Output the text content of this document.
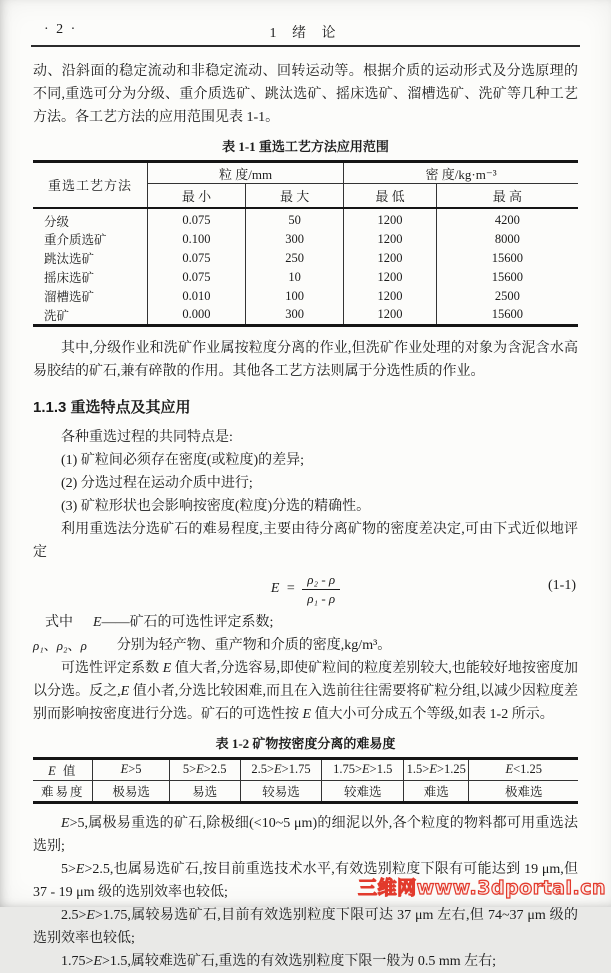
· 2 ·	1 绪 论

动、沿斜面的稳定流动和非稳定流动、回转运动等。根据介质的运动形式及分选原理的不同,重选可分为分级、重介质选矿、跳汰选矿、摇床选矿、溜槽选矿、洗矿等几种工艺方法。各工艺方法的应用范围见表 1-1。

表 1-1 重选工艺方法应用范围
重选工艺方法	粒 度/mm		密 度/kg·m⁻³	
	最 小	最 大	最 低	最 高
分级	0.075	50	1200	4200
重介质选矿	0.100	300	1200	8000
跳汰选矿	0.075	250	1200	15600
摇床选矿	0.075	10	1200	15600
溜槽选矿	0.010	100	1200	2500
洗矿	0.000	300	1200	15600

其中,分级作业和洗矿作业属按粒度分离的作业,但洗矿作业处理的对象为含泥含水高易胶结的矿石,兼有碎散的作用。其他各工艺方法则属于分选性质的作业。

1.1.3 重选特点及其应用

各种重选过程的共同特点是:

(1) 矿粒间必须存在密度(或粒度)的差异;

(2) 分选过程在运动介质中进行;

(3) 矿粒形状也会影响按密度(粒度)分选的精确性。

利用重选法分选矿石的难易程度,主要由待分离矿物的密度差决定,可由下式近似地评定

$E = \frac{\text{ρ₂ - ρ}}{\text{ρ₁ - ρ}}$	(1-1)

式中 E——矿石的可选性评定系数;

ρ₁、ρ₂、ρ 分别为轻产物、重产物和介质的密度,kg/m³。

可选性评定系数 E 值大者,分选容易,即使矿粒间的粒度差别较大,也能较好地按密度加以分选。反之,E 值小者,分选比较困难,而且在入选前往往需要将矿粒分组,以减少因粒度差别而影响按密度进行分选。矿石的可选性按 E 值大小可分成五个等级,如表 1-2 所示。

表 1-2 矿物按密度分离的难易度
E 值	E>5	5>E>2.5	2.5>E>1.75	1.75>E>1.5	1.5>E>1.25	E<1.25
难易度	极易选	易选	较易选	较难选	难选	极难选

E>5,属极易重选的矿石,除极细(<10~5 μm)的细泥以外,各个粒度的物料都可用重选法选别;

5>E>2.5,也属易选矿石,按目前重选技术水平,有效选别粒度下限有可能达到 19 μm,但 37 - 19 μm 级的选别效率也较低;

2.5>E>1.75,属较易选矿石,目前有效选别粒度下限可达 37 μm 左右,但 74~37 μm 级的选别效率也较低;

1.75>E>1.5,属较难选矿石,重选的有效选别粒度下限一般为 0.5 mm 左右;

三维网www.3dportal.cn
